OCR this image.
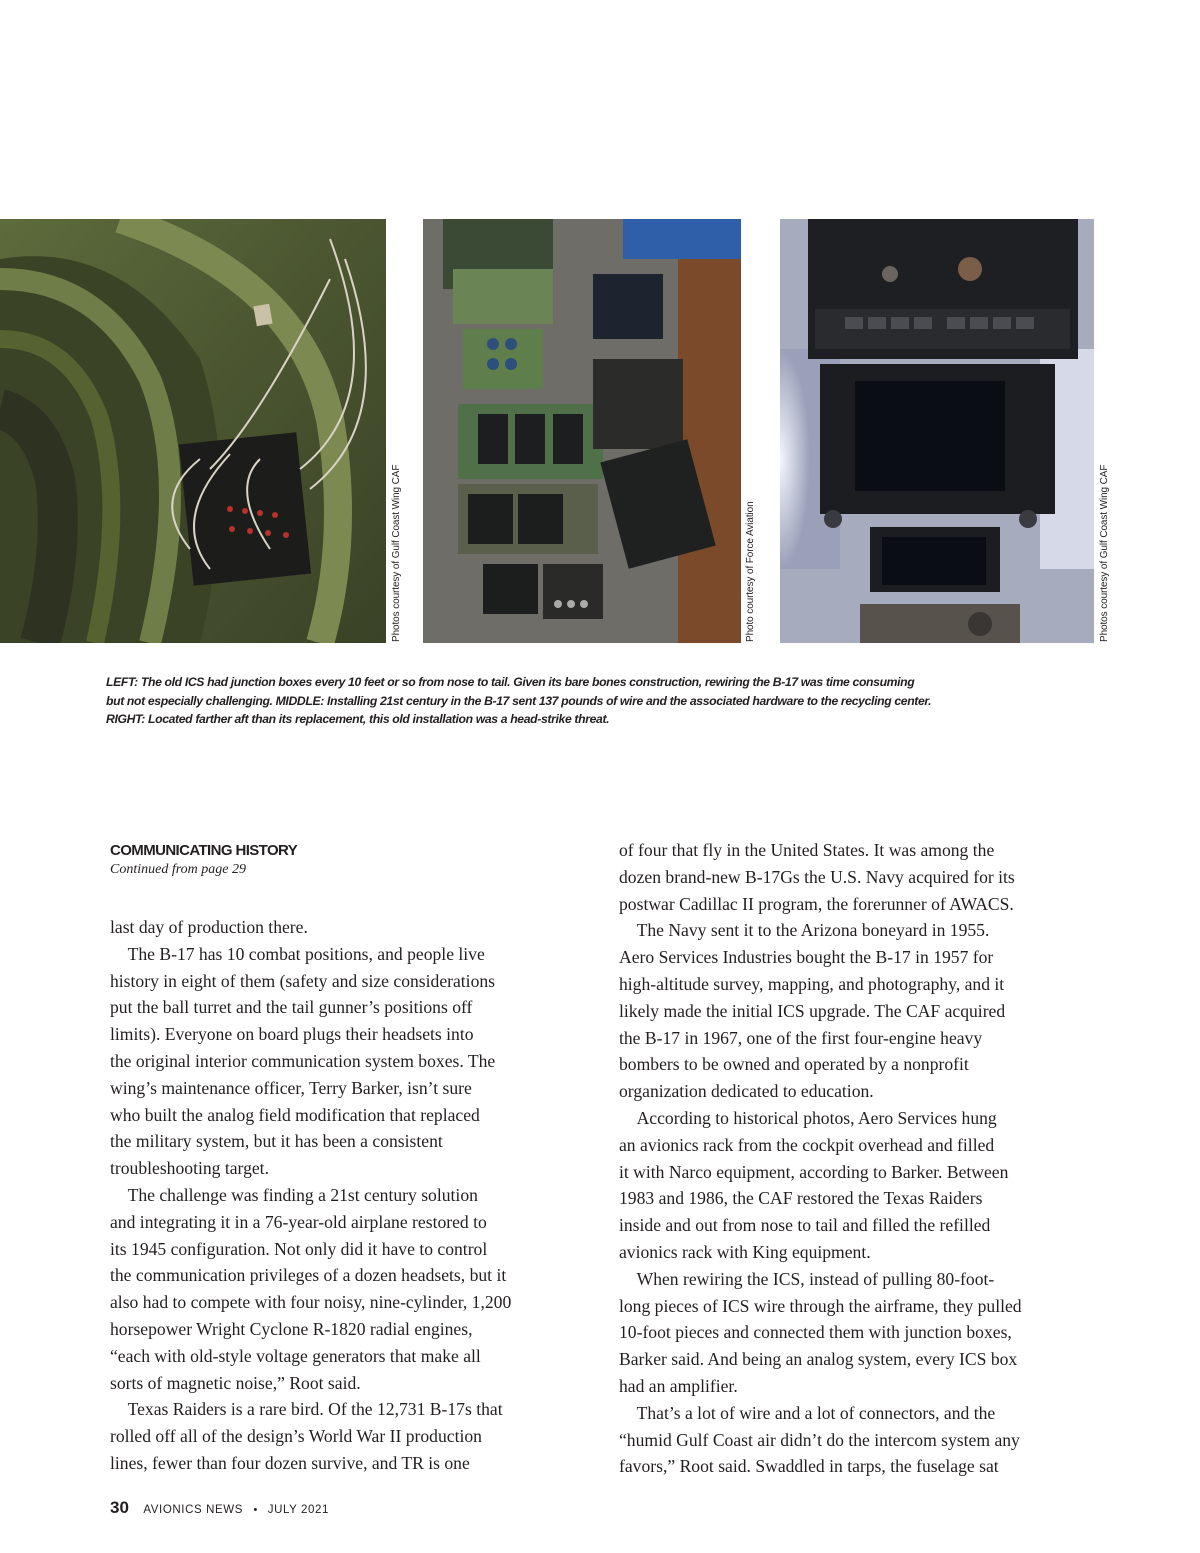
Photos courtesy of Gulf Coast Wing CAF	Photo courtesy of Force Aviation	Photos courtesy of Gulf Coast Wing CAF
LEFT: The old ICS had junction boxes every 10 feet or so from nose to tail. Given its bare bones construction, rewiring the B-17 was time consuming
but not especially challenging. MIDDLE: Installing 21st century in the B-17 sent 137 pounds of wire and the associated hardware to the recycling center.
RIGHT: Located farther aft than its replacement, this old installation was a head-strike threat.
COMMUNICATING HISTORY
Continued from page 29
last day of production there.
 The B-17 has 10 combat positions, and people live
history in eight of them (safety and size considerations
put the ball turret and the tail gunner’s positions off
limits). Everyone on board plugs their headsets into
the original interior communication system boxes. The
wing’s maintenance officer, Terry Barker, isn’t sure
who built the analog field modification that replaced
the military system, but it has been a consistent
troubleshooting target.
 The challenge was finding a 21st century solution
and integrating it in a 76-year-old airplane restored to
its 1945 configuration. Not only did it have to control
the communication privileges of a dozen headsets, but it
also had to compete with four noisy, nine-cylinder, 1,200
horsepower Wright Cyclone R-1820 radial engines,
“each with old-style voltage generators that make all
sorts of magnetic noise,” Root said.
 Texas Raiders is a rare bird. Of the 12,731 B-17s that
rolled off all of the design’s World War II production
lines, fewer than four dozen survive, and TR is one
of four that fly in the United States. It was among the
dozen brand-new B-17Gs the U.S. Navy acquired for its
postwar Cadillac II program, the forerunner of AWACS.
 The Navy sent it to the Arizona boneyard in 1955.
Aero Services Industries bought the B-17 in 1957 for
high-altitude survey, mapping, and photography, and it
likely made the initial ICS upgrade. The CAF acquired
the B-17 in 1967, one of the first four-engine heavy
bombers to be owned and operated by a nonprofit
organization dedicated to education.
 According to historical photos, Aero Services hung
an avionics rack from the cockpit overhead and filled
it with Narco equipment, according to Barker. Between
1983 and 1986, the CAF restored the Texas Raiders
inside and out from nose to tail and filled the refilled
avionics rack with King equipment.
 When rewiring the ICS, instead of pulling 80-foot-
long pieces of ICS wire through the airframe, they pulled
10-foot pieces and connected them with junction boxes,
Barker said. And being an analog system, every ICS box
had an amplifier.
 That’s a lot of wire and a lot of connectors, and the
“humid Gulf Coast air didn’t do the intercom system any
favors,” Root said. Swaddled in tarps, the fuselage sat
30 AVIONICS NEWS • JULY 2021
